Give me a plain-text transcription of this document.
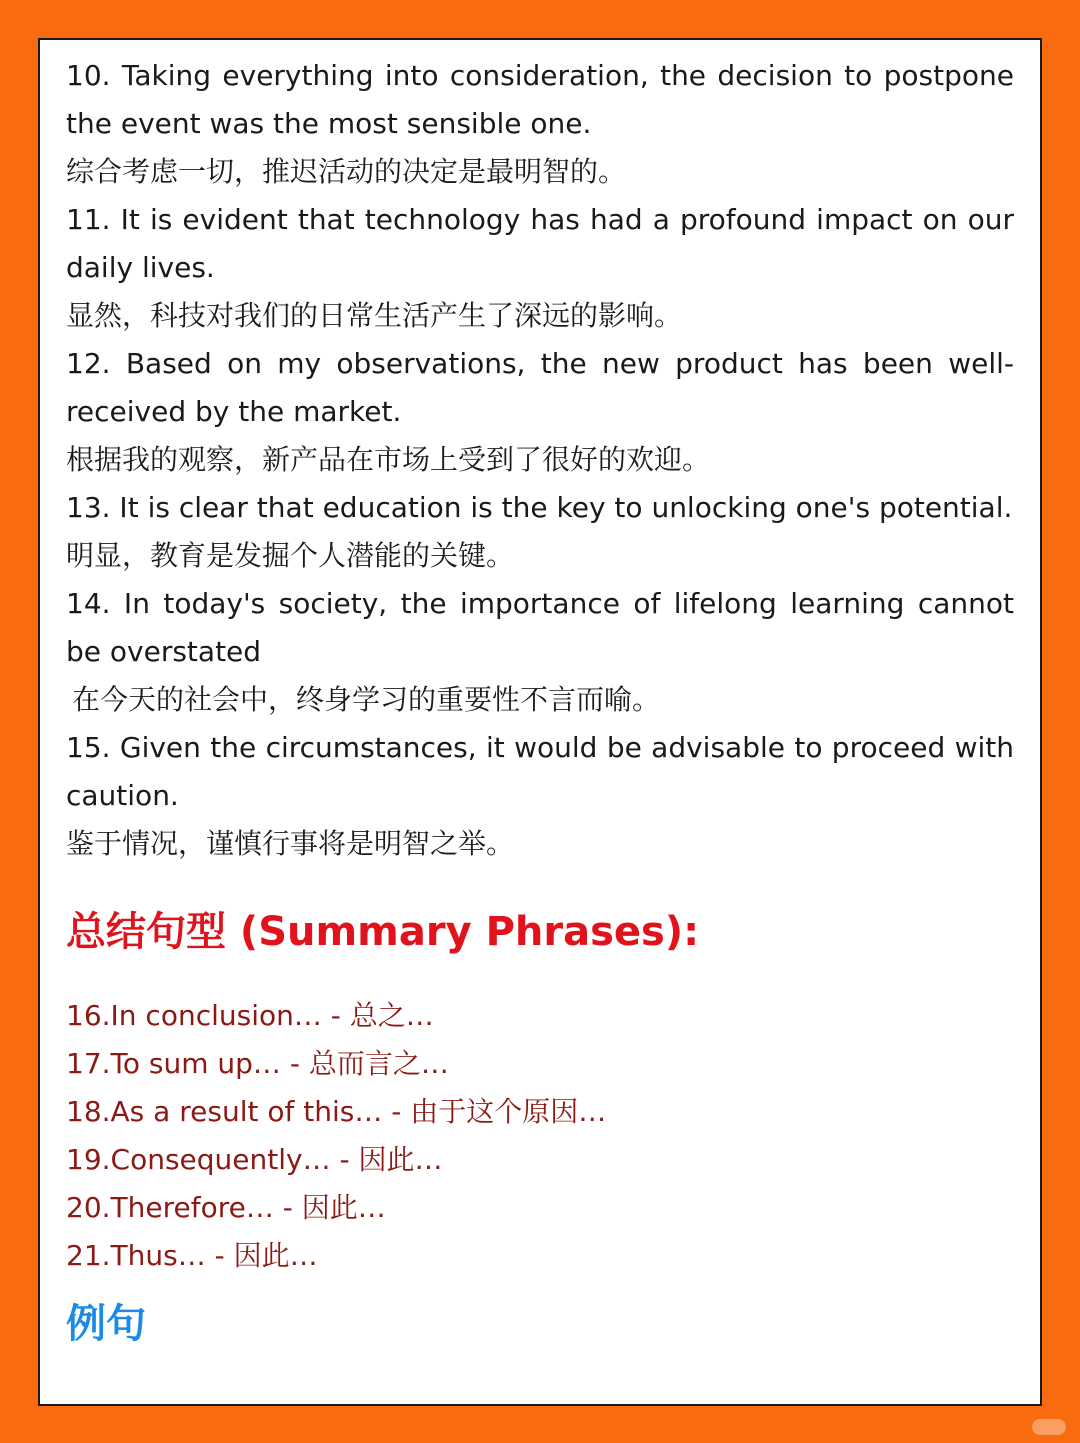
10. Taking everything into consideration, the decision to postpone the event was the most sensible one.

综合考虑一切，推迟活动的决定是最明智的。

11. It is evident that technology has had a profound impact on our daily lives.

显然，科技对我们的日常生活产生了深远的影响。

12. Based on my observations, the new product has been well-received by the market.

根据我的观察，新产品在市场上受到了很好的欢迎。

13. It is clear that education is the key to unlocking one's potential.

明显，教育是发掘个人潜能的关键。

14. In today's society, the importance of lifelong learning cannot be overstated

在今天的社会中，终身学习的重要性不言而喻。

15. Given the circumstances, it would be advisable to proceed with caution.

鉴于情况，谨慎行事将是明智之举。

总结句型 (Summary Phrases):

16.In conclusion… - 总之…

17.To sum up… - 总而言之…

18.As a result of this… - 由于这个原因…

19.Consequently… - 因此…

20.Therefore… - 因此…

21.Thus… - 因此…

例句
